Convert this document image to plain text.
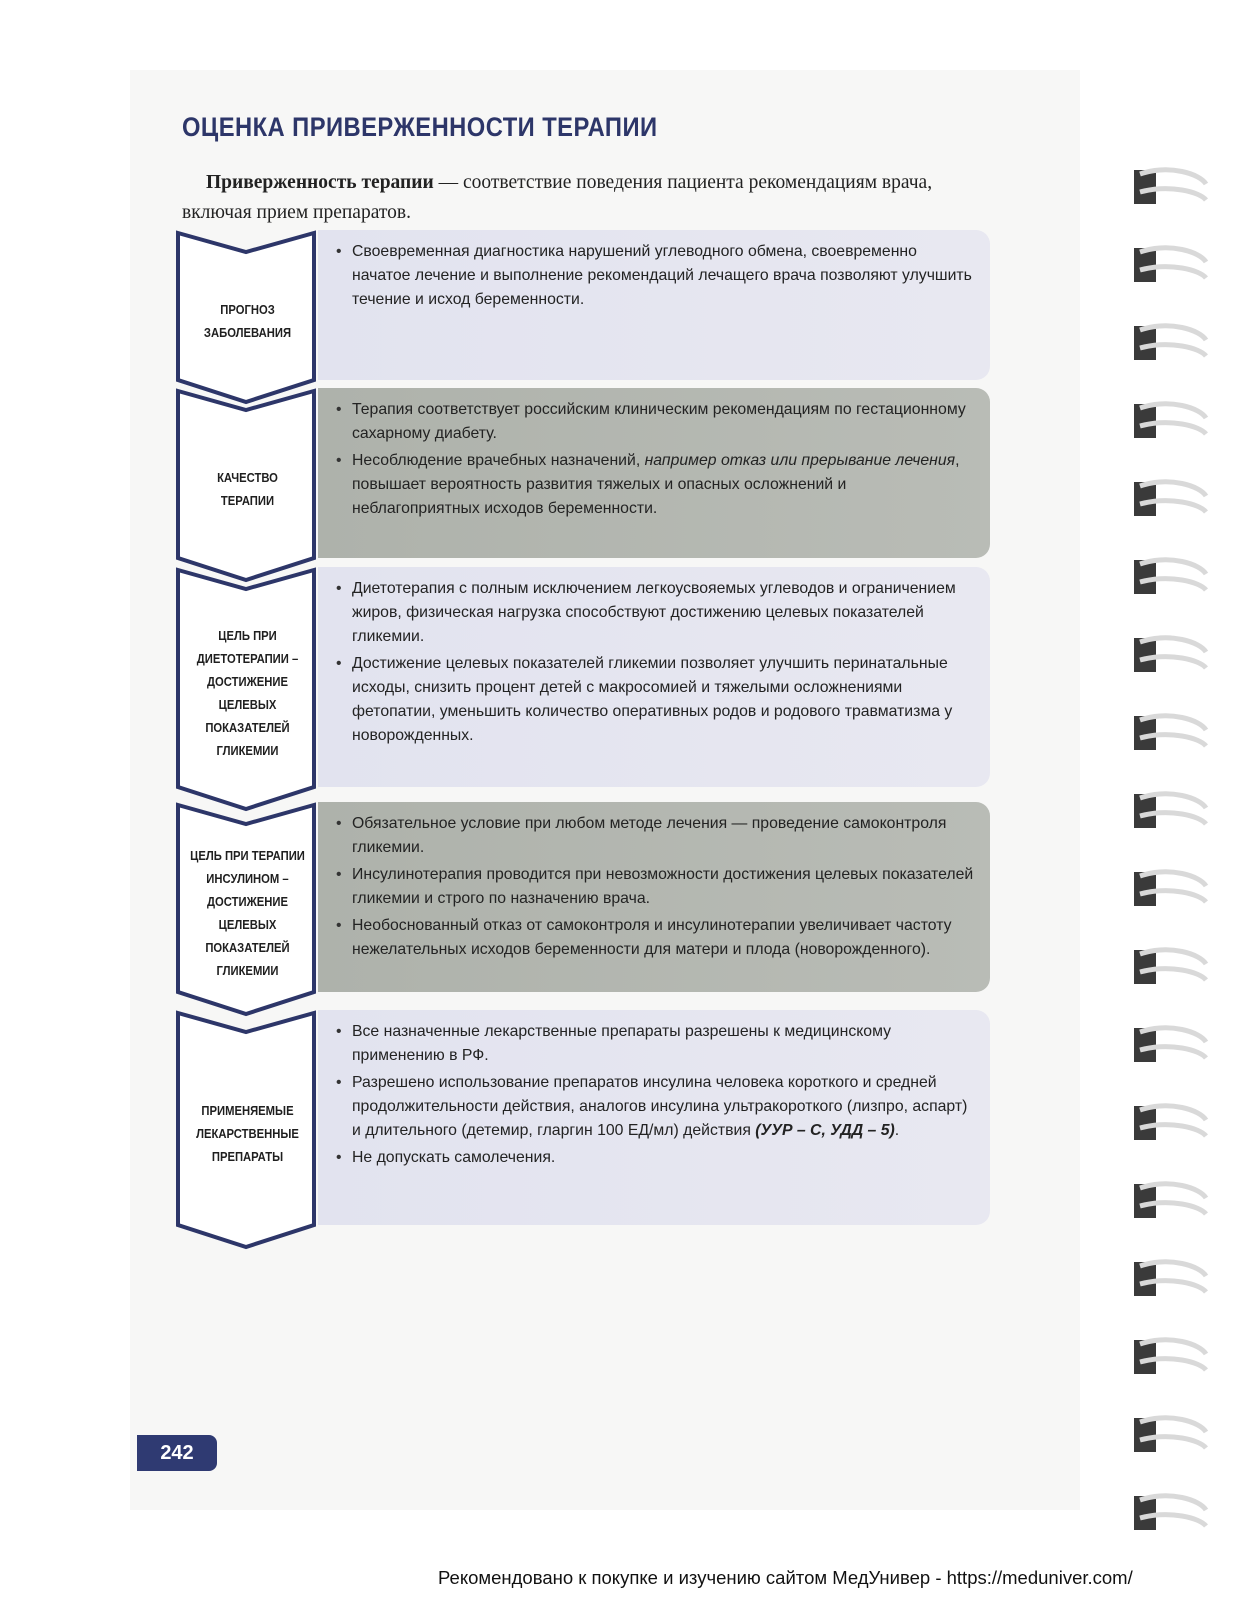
ОЦЕНКА ПРИВЕРЖЕННОСТИ ТЕРАПИИ

Приверженность терапии — соответствие поведения пациента рекомендациям врача, включая прием препаратов.

ПРОГНОЗ
ЗАБОЛЕВАНИЯ
• Своевременная диагностика нарушений углеводного обмена, своевременно начатое лечение и выполнение рекомендаций лечащего врача позволяют улучшить течение и исход беременности.
КАЧЕСТВО
ТЕРАПИИ
• Терапия соответствует российским клиническим рекомендациям по гестационному сахарному диабету.
• Несоблюдение врачебных назначений, например отказ или прерывание лечения, повышает вероятность развития тяжелых и опасных осложнений и неблагоприятных исходов беременности.
ЦЕЛЬ ПРИ
ДИЕТОТЕРАПИИ –
ДОСТИЖЕНИЕ
ЦЕЛЕВЫХ
ПОКАЗАТЕЛЕЙ
ГЛИКЕМИИ
• Диетотерапия с полным исключением легкоусвояемых углеводов и ограничением жиров, физическая нагрузка способствуют достижению целевых показателей гликемии.
• Достижение целевых показателей гликемии позволяет улучшить перинатальные исходы, снизить процент детей с макросомией и тяжелыми осложнениями фетопатии, уменьшить количество оперативных родов и родового травматизма у новорожденных.
ЦЕЛЬ ПРИ ТЕРАПИИ
ИНСУЛИНОМ –
ДОСТИЖЕНИЕ
ЦЕЛЕВЫХ
ПОКАЗАТЕЛЕЙ
ГЛИКЕМИИ
• Обязательное условие при любом методе лечения — проведение самоконтроля гликемии.
• Инсулинотерапия проводится при невозможности достижения целевых показателей гликемии и строго по назначению врача.
• Необоснованный отказ от самоконтроля и инсулинотерапии увеличивает частоту нежелательных исходов беременности для матери и плода (новорожденного).
ПРИМЕНЯЕМЫЕ
ЛЕКАРСТВЕННЫЕ
ПРЕПАРАТЫ
• Все назначенные лекарственные препараты разрешены к медицинскому применению в РФ.
• Разрешено использование препаратов инсулина человека короткого и средней продолжительности действия, аналогов инсулина ультракороткого (лизпро, аспарт) и длительного (детемир, гларгин 100 ЕД/мл) действия (УУР – С, УДД – 5).
• Не допускать самолечения.
242

Рекомендовано к покупке и изучению сайтом МедУнивер - https://meduniver.com/
